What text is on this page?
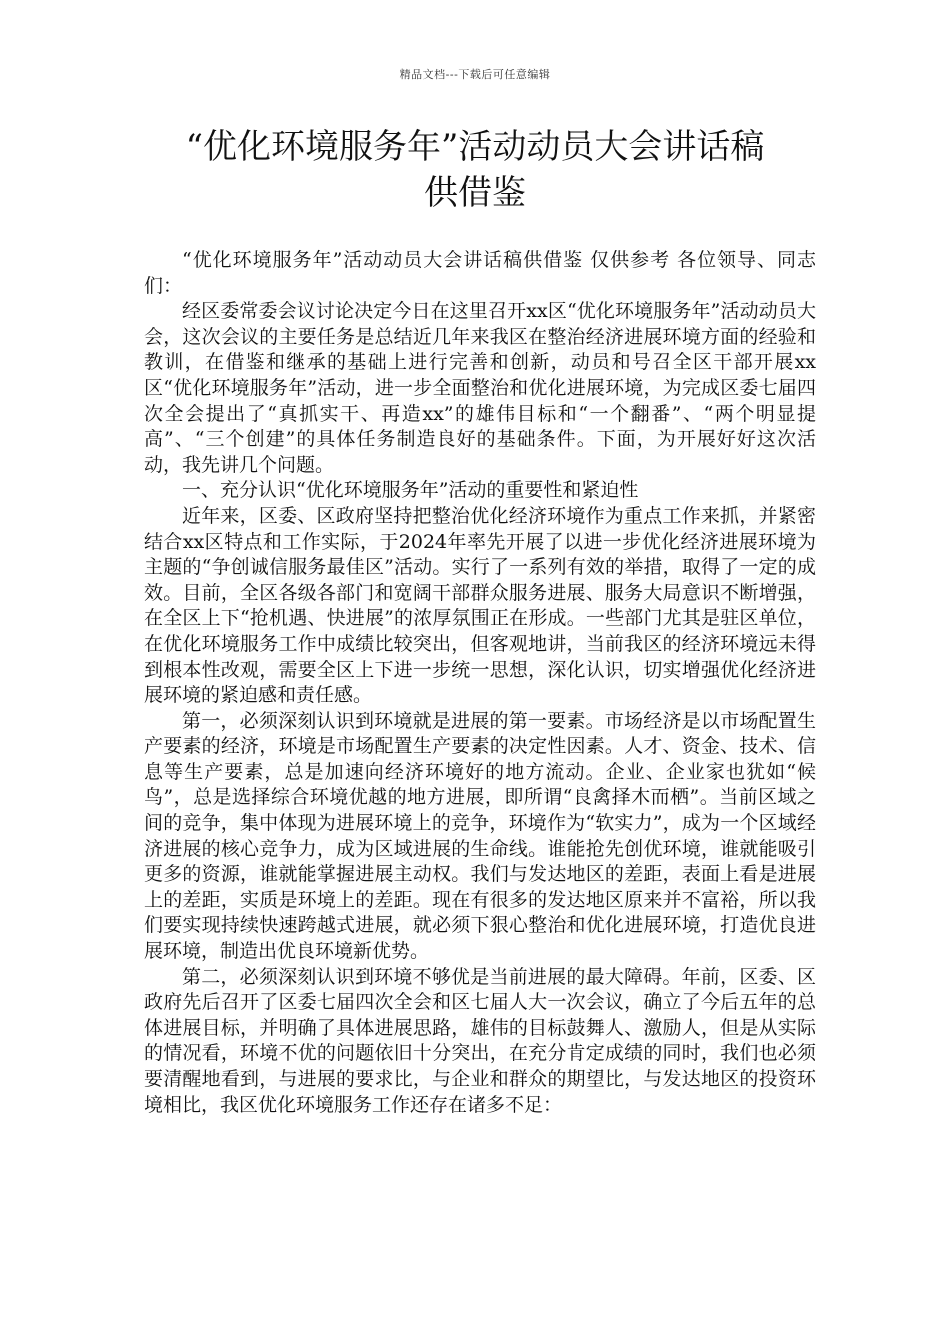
精品文档---下载后可任意编辑
“优化环境服务年”活动动员大会讲话稿
供借鉴

“优化环境服务年”活动动员大会讲话稿供借鉴 仅供参考 各位领导、同志们：

经区委常委会议讨论决定今日在这里召开xx区“优化环境服务年”活动动员大会，这次会议的主要任务是总结近几年来我区在整治经济进展环境方面的经验和教训，在借鉴和继承的基础上进行完善和创新，动员和号召全区干部开展xx区“优化环境服务年”活动，进一步全面整治和优化进展环境，为完成区委七届四次全会提出了“真抓实干、再造xx”的雄伟目标和“一个翻番”、“两个明显提高”、“三个创建”的具体任务制造良好的基础条件。下面，为开展好好这次活动，我先讲几个问题。

一、充分认识“优化环境服务年”活动的重要性和紧迫性

近年来，区委、区政府坚持把整治优化经济环境作为重点工作来抓，并紧密结合xx区特点和工作实际，于2024年率先开展了以进一步优化经济进展环境为主题的“争创诚信服务最佳区”活动。实行了一系列有效的举措，取得了一定的成效。目前，全区各级各部门和宽阔干部群众服务进展、服务大局意识不断增强，在全区上下“抢机遇、快进展”的浓厚氛围正在形成。一些部门尤其是驻区单位，在优化环境服务工作中成绩比较突出，但客观地讲，当前我区的经济环境远未得到根本性改观，需要全区上下进一步统一思想，深化认识，切实增强优化经济进展环境的紧迫感和责任感。

第一，必须深刻认识到环境就是进展的第一要素。市场经济是以市场配置生产要素的经济，环境是市场配置生产要素的决定性因素。人才、资金、技术、信息等生产要素，总是加速向经济环境好的地方流动。企业、企业家也犹如“候鸟”，总是选择综合环境优越的地方进展，即所谓“良禽择木而栖”。当前区域之间的竞争，集中体现为进展环境上的竞争，环境作为“软实力”，成为一个区域经济进展的核心竞争力，成为区域进展的生命线。谁能抢先创优环境，谁就能吸引更多的资源，谁就能掌握进展主动权。我们与发达地区的差距，表面上看是进展上的差距，实质是环境上的差距。现在有很多的发达地区原来并不富裕，所以我们要实现持续快速跨越式进展，就必须下狠心整治和优化进展环境，打造优良进展环境，制造出优良环境新优势。

第二，必须深刻认识到环境不够优是当前进展的最大障碍。年前，区委、区政府先后召开了区委七届四次全会和区七届人大一次会议，确立了今后五年的总体进展目标，并明确了具体进展思路，雄伟的目标鼓舞人、激励人，但是从实际的情况看，环境不优的问题依旧十分突出，在充分肯定成绩的同时，我们也必须要清醒地看到，与进展的要求比，与企业和群众的期望比，与发达地区的投资环境相比，我区优化环境服务工作还存在诸多不足：
